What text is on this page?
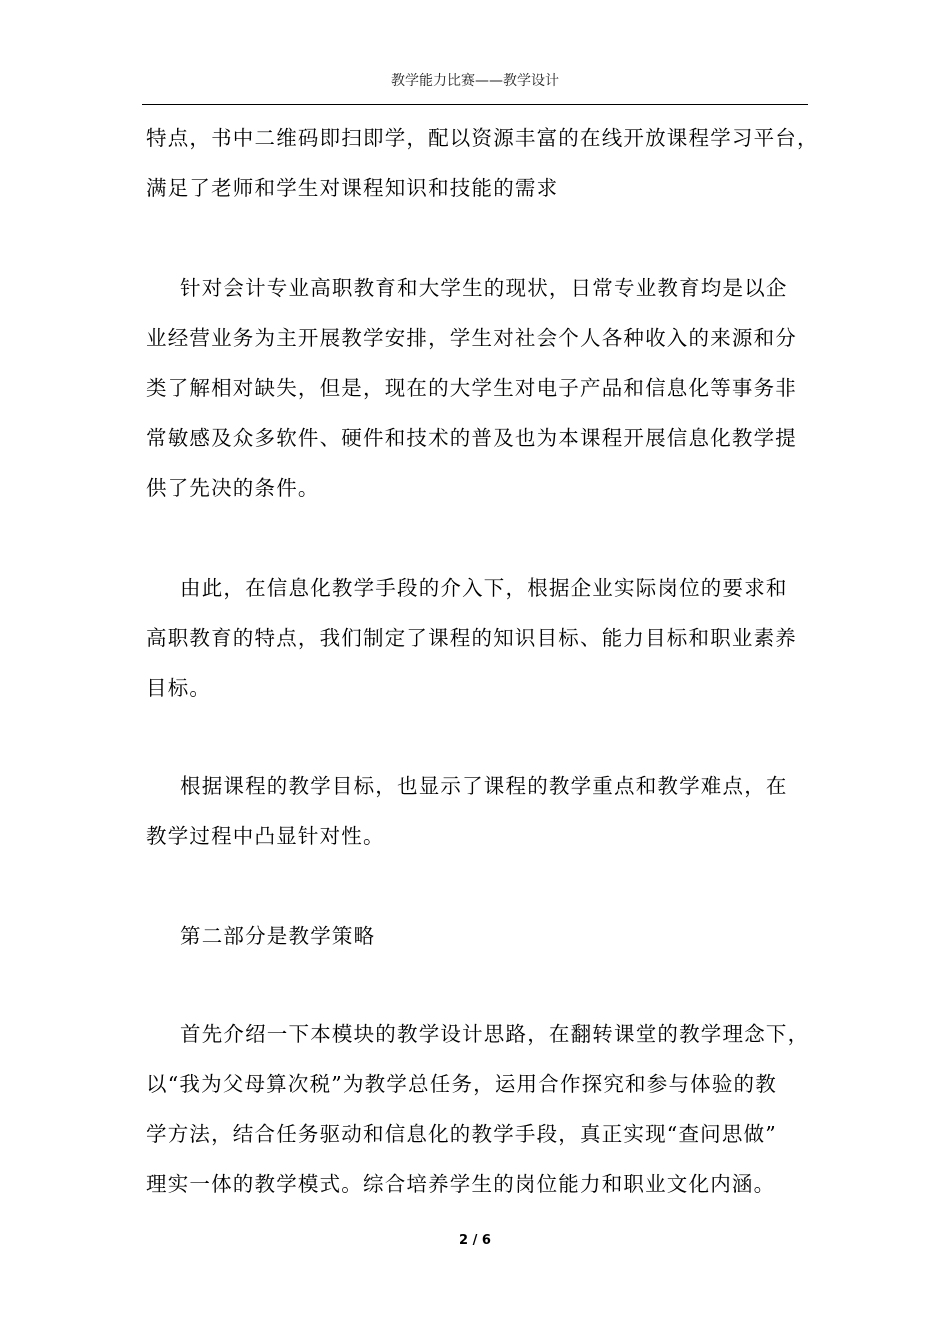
教学能力比赛——教学设计
特点，书中二维码即扫即学，配以资源丰富的在线开放课程学习平台，
满足了老师和学生对课程知识和技能的需求
针对会计专业高职教育和大学生的现状，日常专业教育均是以企
业经营业务为主开展教学安排，学生对社会个人各种收入的来源和分
类了解相对缺失，但是，现在的大学生对电子产品和信息化等事务非
常敏感及众多软件、硬件和技术的普及也为本课程开展信息化教学提
供了先决的条件。
由此，在信息化教学手段的介入下，根据企业实际岗位的要求和
高职教育的特点，我们制定了课程的知识目标、能力目标和职业素养
目标。
根据课程的教学目标，也显示了课程的教学重点和教学难点，在
教学过程中凸显针对性。
第二部分是教学策略
首先介绍一下本模块的教学设计思路，在翻转课堂的教学理念下，
以“我为父母算次税”为教学总任务，运用合作探究和参与体验的教
学方法，结合任务驱动和信息化的教学手段，真正实现“查问思做”
理实一体的教学模式。综合培养学生的岗位能力和职业文化内涵。
2 / 6
